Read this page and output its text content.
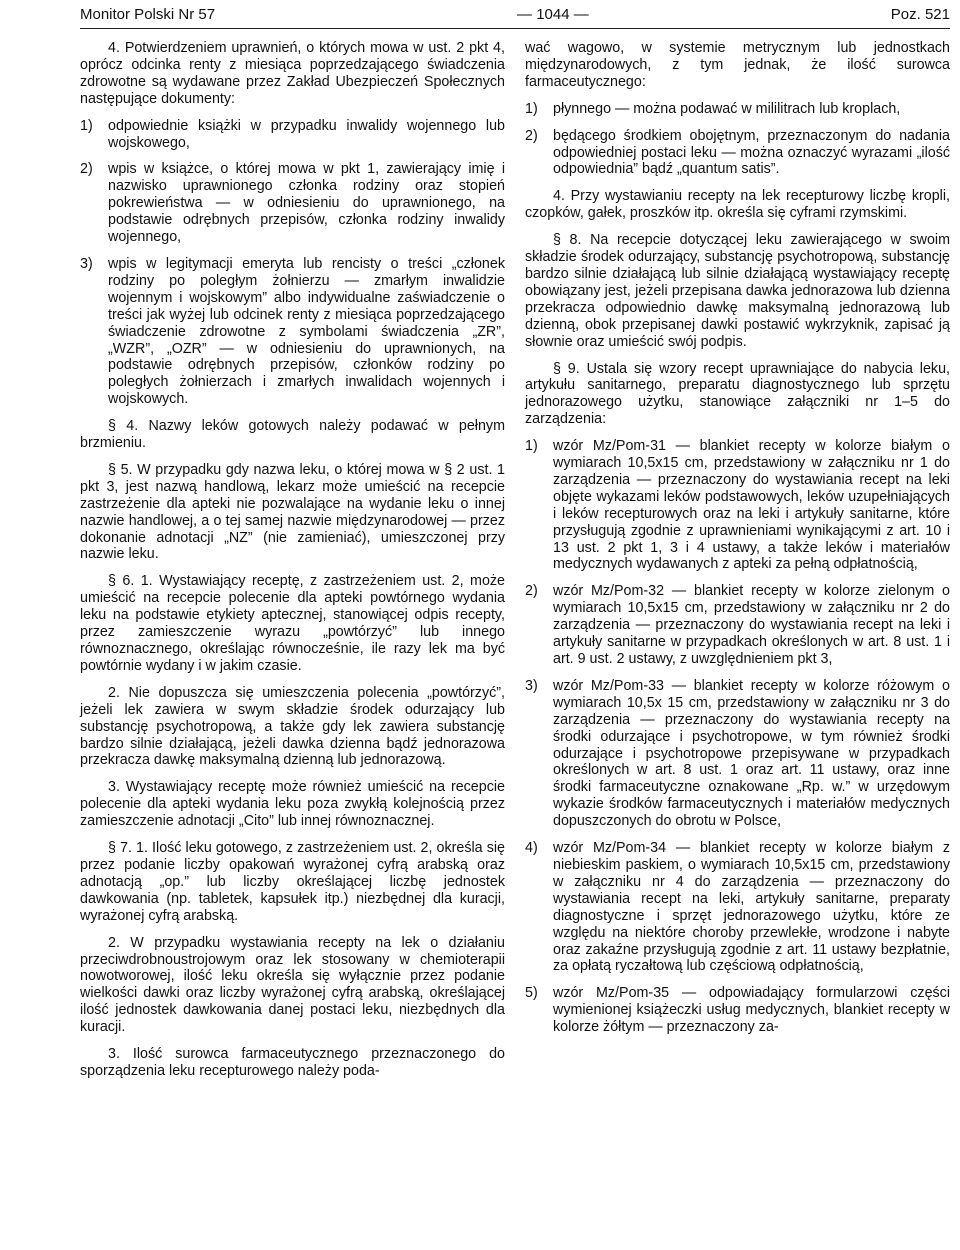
Monitor Polski Nr 57	— 1044 —	Poz. 521

4. Potwierdzeniem uprawnień, o których mowa w ust. 2 pkt 4, oprócz odcinka renty z miesiąca poprzedzającego świadczenia zdrowotne są wydawane przez Zakład Ubezpieczeń Społecznych następujące dokumenty:

1)	odpowiednie książki w przypadku inwalidy wojennego lub wojskowego,
2)	wpis w książce, o której mowa w pkt 1, zawierający imię i nazwisko uprawnionego członka rodziny oraz stopień pokrewieństwa — w odniesieniu do uprawnionego, na podstawie odrębnych przepisów, członka rodziny inwalidy wojennego,
3)	wpis w legitymacji emeryta lub rencisty o treści „członek rodziny po poległym żołnierzu — zmarłym inwalidzie wojennym i wojskowym” albo indywidualne zaświadczenie o treści jak wyżej lub odcinek renty z miesiąca poprzedzającego świadczenie zdrowotne z symbolami świadczenia „ZR”, „WZR”, „OZR” — w odniesieniu do uprawnionych, na podstawie odrębnych przepisów, członków rodziny po poległych żołnierzach i zmarłych inwalidach wojennych i wojskowych.

§ 4. Nazwy leków gotowych należy podawać w pełnym brzmieniu.

§ 5. W przypadku gdy nazwa leku, o której mowa w § 2 ust. 1 pkt 3, jest nazwą handlową, lekarz może umieścić na recepcie zastrzeżenie dla apteki nie pozwalające na wydanie leku o innej nazwie handlowej, a o tej samej nazwie międzynarodowej — przez dokonanie adnotacji „NZ” (nie zamieniać), umieszczonej przy nazwie leku.

§ 6. 1. Wystawiający receptę, z zastrzeżeniem ust. 2, może umieścić na recepcie polecenie dla apteki powtórnego wydania leku na podstawie etykiety aptecznej, stanowiącej odpis recepty, przez zamieszczenie wyrazu „powtórzyć” lub innego równoznacznego, określając równocześnie, ile razy lek ma być powtórnie wydany i w jakim czasie.

2. Nie dopuszcza się umieszczenia polecenia „powtórzyć”, jeżeli lek zawiera w swym składzie środek odurzający lub substancję psychotropową, a także gdy lek zawiera substancję bardzo silnie działającą, jeżeli dawka dzienna bądź jednorazowa przekracza dawkę maksymalną dzienną lub jednorazową.

3. Wystawiający receptę może również umieścić na recepcie polecenie dla apteki wydania leku poza zwykłą kolejnością przez zamieszczenie adnotacji „Cito” lub innej równoznacznej.

§ 7. 1. Ilość leku gotowego, z zastrzeżeniem ust. 2, określa się przez podanie liczby opakowań wyrażonej cyfrą arabską oraz adnotacją „op.” lub liczby określającej liczbę jednostek dawkowania (np. tabletek, kapsułek itp.) niezbędnej dla kuracji, wyrażonej cyfrą arabską.

2. W przypadku wystawiania recepty na lek o działaniu przeciwdrobnoustrojowym oraz lek stosowany w chemioterapii nowotworowej, ilość leku określa się wyłącznie przez podanie wielkości dawki oraz liczby wyrażonej cyfrą arabską, określającej ilość jednostek dawkowania danej postaci leku, niezbędnych dla kuracji.

3. Ilość surowca farmaceutycznego przeznaczonego do sporządzenia leku recepturowego należy poda-

wać wagowo, w systemie metrycznym lub jednostkach międzynarodowych, z tym jednak, że ilość surowca farmaceutycznego:

1)	płynnego — można podawać w mililitrach lub kroplach,
2)	będącego środkiem obojętnym, przeznaczonym do nadania odpowiedniej postaci leku — można oznaczyć wyrazami „ilość odpowiednia” bądź „quantum satis”.

4. Przy wystawianiu recepty na lek recepturowy liczbę kropli, czopków, gałek, proszków itp. określa się cyframi rzymskimi.

§ 8. Na recepcie dotyczącej leku zawierającego w swoim składzie środek odurzający, substancję psychotropową, substancję bardzo silnie działającą lub silnie działającą wystawiający receptę obowiązany jest, jeżeli przepisana dawka jednorazowa lub dzienna przekracza odpowiednio dawkę maksymalną jednorazową lub dzienną, obok przepisanej dawki postawić wykrzyknik, zapisać ją słownie oraz umieścić swój podpis.

§ 9. Ustala się wzory recept uprawniające do nabycia leku, artykułu sanitarnego, preparatu diagnostycznego lub sprzętu jednorazowego użytku, stanowiące załączniki nr 1–5 do zarządzenia:

1)	wzór Mz/Pom-31 — blankiet recepty w kolorze białym o wymiarach 10,5x15 cm, przedstawiony w załączniku nr 1 do zarządzenia — przeznaczony do wystawiania recept na leki objęte wykazami leków podstawowych, leków uzupełniających i leków recepturowych oraz na leki i artykuły sanitarne, które przysługują zgodnie z uprawnieniami wynikającymi z art. 10 i 13 ust. 2 pkt 1, 3 i 4 ustawy, a także leków i materiałów medycznych wydawanych z apteki za pełną odpłatnością,
2)	wzór Mz/Pom-32 — blankiet recepty w kolorze zielonym o wymiarach 10,5x15 cm, przedstawiony w załączniku nr 2 do zarządzenia — przeznaczony do wystawiania recept na leki i artykuły sanitarne w przypadkach określonych w art. 8 ust. 1 i art. 9 ust. 2 ustawy, z uwzględnieniem pkt 3,
3)	wzór Mz/Pom-33 — blankiet recepty w kolorze różowym o wymiarach 10,5x 15 cm, przedstawiony w załączniku nr 3 do zarządzenia — przeznaczony do wystawiania recepty na środki odurzające i psychotropowe, w tym również środki odurzające i psychotropowe przepisywane w przypadkach określonych w art. 8 ust. 1 oraz art. 11 ustawy, oraz inne środki farmaceutyczne oznakowane „Rp. w.” w urzędowym wykazie środków farmaceutycznych i materiałów medycznych dopuszczonych do obrotu w Polsce,
4)	wzór Mz/Pom-34 — blankiet recepty w kolorze białym z niebieskim paskiem, o wymiarach 10,5x15 cm, przedstawiony w załączniku nr 4 do zarządzenia — przeznaczony do wystawiania recept na leki, artykuły sanitarne, preparaty diagnostyczne i sprzęt jednorazowego użytku, które ze względu na niektóre choroby przewlekłe, wrodzone i nabyte oraz zakaźne przysługują zgodnie z art. 11 ustawy bezpłatnie, za opłatą ryczałtową lub częściową odpłatnością,
5)	wzór Mz/Pom-35 — odpowiadający formularzowi części wymienionej książeczki usług medycznych, blankiet recepty w kolorze żółtym — przeznaczony za-
